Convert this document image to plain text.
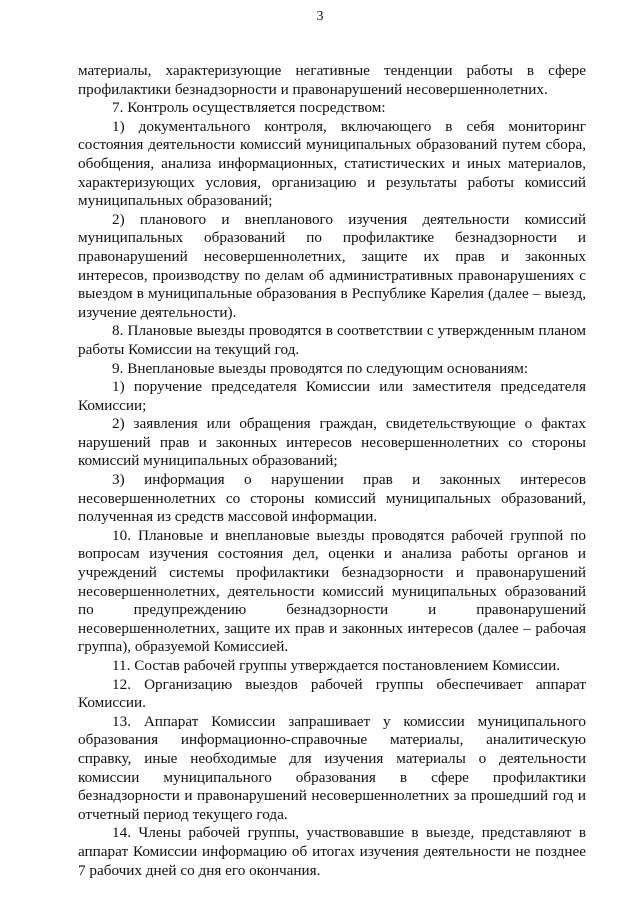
3

материалы, характеризующие негативные тенденции работы в сфере профилактики безнадзорности и правонарушений несовершеннолетних.

7. Контроль осуществляется посредством:

1) документального контроля, включающего в себя мониторинг состояния деятельности комиссий муниципальных образований путем сбора, обобщения, анализа информационных, статистических и иных материалов, характеризующих условия, организацию и результаты работы комиссий муниципальных образований;

2) планового и внепланового изучения деятельности комиссий муниципальных образований по профилактике безнадзорности и правонарушений несовершеннолетних, защите их прав и законных интересов, производству по делам об административных правонарушениях с выездом в муниципальные образования в Республике Карелия (далее – выезд, изучение деятельности).

8. Плановые выезды проводятся в соответствии с утвержденным планом работы Комиссии на текущий год.

9. Внеплановые выезды проводятся по следующим основаниям:

1) поручение председателя Комиссии или заместителя председателя Комиссии;

2) заявления или обращения граждан, свидетельствующие о фактах нарушений прав и законных интересов несовершеннолетних со стороны комиссий муниципальных образований;

3) информация о нарушении прав и законных интересов несовершеннолетних со стороны комиссий муниципальных образований, полученная из средств массовой информации.

10. Плановые и внеплановые выезды проводятся рабочей группой по вопросам изучения состояния дел, оценки и анализа работы органов и учреждений системы профилактики безнадзорности и правонарушений несовершеннолетних, деятельности комиссий муниципальных образований по предупреждению безнадзорности и правонарушений несовершеннолетних, защите их прав и законных интересов (далее – рабочая группа), образуемой Комиссией.

11. Состав рабочей группы утверждается постановлением Комиссии.

12. Организацию выездов рабочей группы обеспечивает аппарат Комиссии.

13. Аппарат Комиссии запрашивает у комиссии муниципального образования информационно-справочные материалы, аналитическую справку, иные необходимые для изучения материалы о деятельности комиссии муниципального образования в сфере профилактики безнадзорности и правонарушений несовершеннолетних за прошедший год и отчетный период текущего года.

14. Члены рабочей группы, участвовавшие в выезде, представляют в аппарат Комиссии информацию об итогах изучения деятельности не позднее 7 рабочих дней со дня его окончания.
